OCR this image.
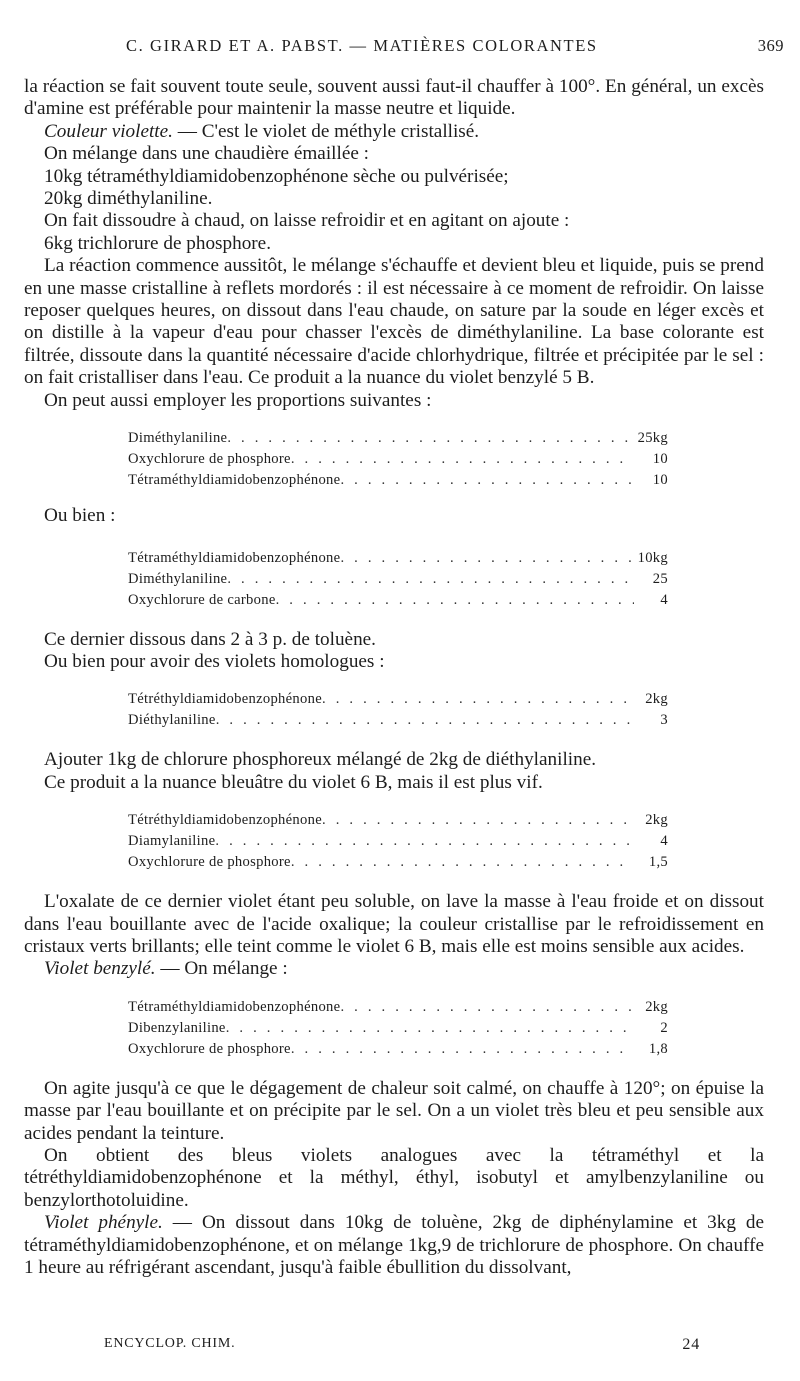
C. GIRARD ET A. PABST. — MATIÈRES COLORANTES	369

la réaction se fait souvent toute seule, souvent aussi faut-il chauffer à 100°. En général, un excès d'amine est préférable pour maintenir la masse neutre et liquide.

Couleur violette. — C'est le violet de méthyle cristallisé.

On mélange dans une chaudière émaillée :

10kg tétraméthyldiamidobenzophénone sèche ou pulvérisée;

20kg diméthylaniline.

On fait dissoudre à chaud, on laisse refroidir et en agitant on ajoute :

6kg trichlorure de phosphore.

La réaction commence aussitôt, le mélange s'échauffe et devient bleu et liquide, puis se prend en une masse cristalline à reflets mordorés : il est nécessaire à ce moment de refroidir. On laisse reposer quelques heures, on dissout dans l'eau chaude, on sature par la soude en léger excès et on distille à la vapeur d'eau pour chasser l'excès de diméthylaniline. La base colorante est filtrée, dissoute dans la quantité nécessaire d'acide chlorhydrique, filtrée et précipitée par le sel : on fait cristalliser dans l'eau. Ce produit a la nuance du violet benzylé 5 B.

On peut aussi employer les proportions suivantes :

Diméthylaniline . . .	25kg
Oxychlorure de phosphore . . .	10
Tétraméthyldiamidobenzophénone . . .	10

Ou bien :

Tétraméthyldiamidobenzophénone . . .	10kg
Diméthylaniline . . .	25
Oxychlorure de carbone . . .	4

Ce dernier dissous dans 2 à 3 p. de toluène.

Ou bien pour avoir des violets homologues :

Tétréthyldiamidobenzophénone . . .	2kg
Diéthylaniline . . .	3

Ajouter 1kg de chlorure phosphoreux mélangé de 2kg de diéthylaniline.

Ce produit a la nuance bleuâtre du violet 6 B, mais il est plus vif.

Tétréthyldiamidobenzophénone . . .	2kg
Diamylaniline . . .	4
Oxychlorure de phosphore . . .	1,5

L'oxalate de ce dernier violet étant peu soluble, on lave la masse à l'eau froide et on dissout dans l'eau bouillante avec de l'acide oxalique; la couleur cristallise par le refroidissement en cristaux verts brillants; elle teint comme le violet 6 B, mais elle est moins sensible aux acides.

Violet benzylé. — On mélange :

Tétraméthyldiamidobenzophénone . . .	2kg
Dibenzylaniline . . .	2
Oxychlorure de phosphore . . .	1,8

On agite jusqu'à ce que le dégagement de chaleur soit calmé, on chauffe à 120°; on épuise la masse par l'eau bouillante et on précipite par le sel. On a un violet très bleu et peu sensible aux acides pendant la teinture.

On obtient des bleus violets analogues avec la tétraméthyl et la tétréthyldiamidobenzophénone et la méthyl, éthyl, isobutyl et amylbenzylaniline ou benzylorthotoluidine.

Violet phényle. — On dissout dans 10kg de toluène, 2kg de diphénylamine et 3kg de tétraméthyldiamidobenzophénone, et on mélange 1kg,9 de trichlorure de phosphore. On chauffe 1 heure au réfrigérant ascendant, jusqu'à faible ébullition du dissolvant,

ENCYCLOP. CHIM.	24
